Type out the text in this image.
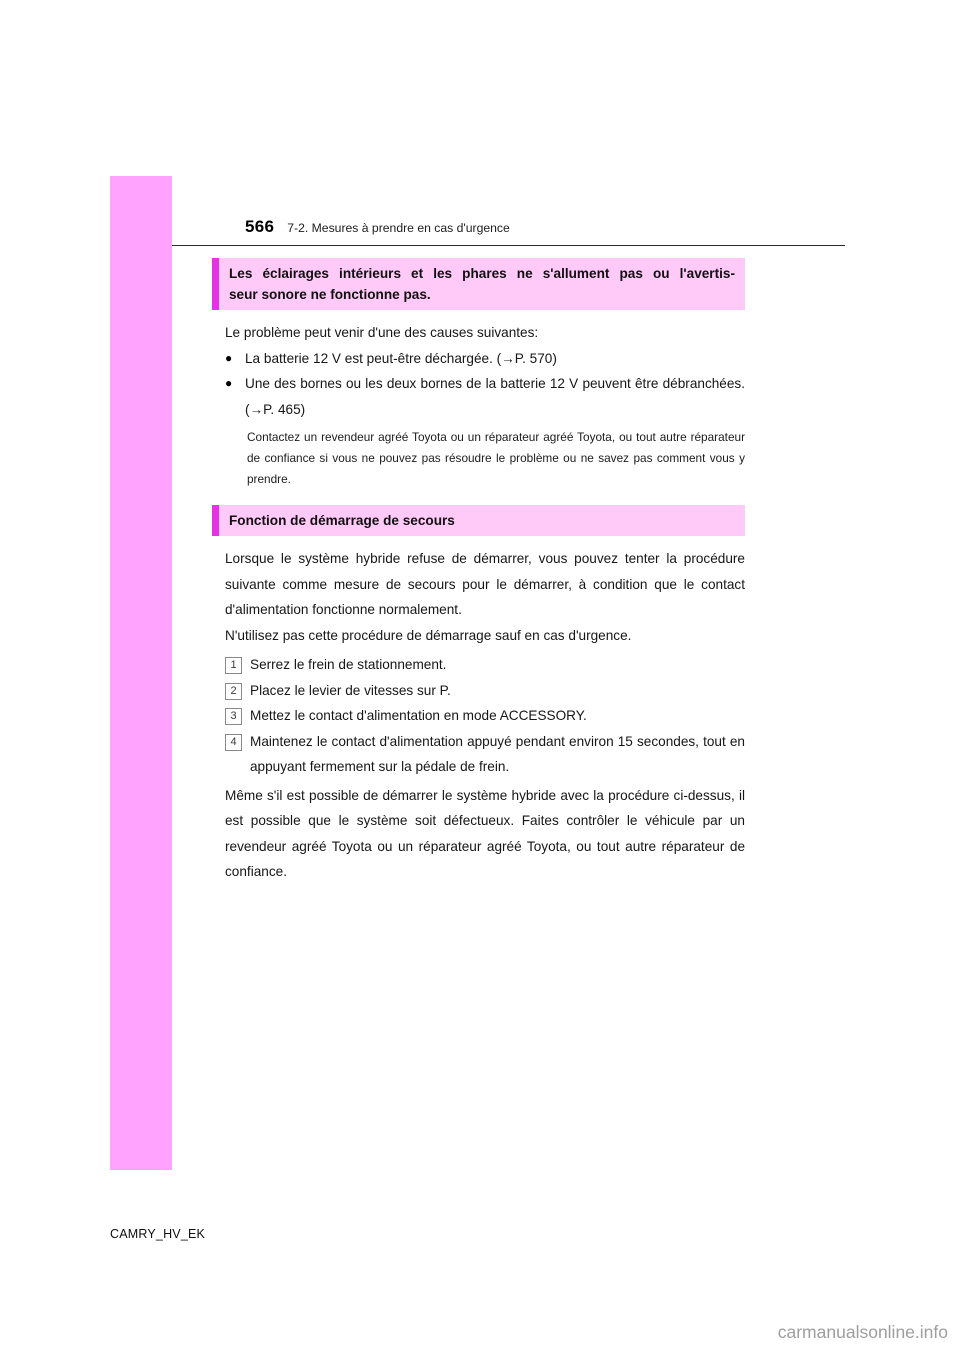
566 7-2. Mesures à prendre en cas d'urgence
Les éclairages intérieurs et les phares ne s'allument pas ou l'avertis-
seur sonore ne fonctionne pas.

Le problème peut venir d'une des causes suivantes:

● La batterie 12 V est peut-être déchargée. (→P. 570)
● Une des bornes ou les deux bornes de la batterie 12 V peuvent être débranchées. (→P. 465)

Contactez un revendeur agréé Toyota ou un réparateur agréé Toyota, ou tout autre réparateur de confiance si vous ne pouvez pas résoudre le problème ou ne savez pas comment vous y prendre.

Fonction de démarrage de secours

Lorsque le système hybride refuse de démarrer, vous pouvez tenter la procédure suivante comme mesure de secours pour le démarrer, à condition que le contact d'alimentation fonctionne normalement.

N'utilisez pas cette procédure de démarrage sauf en cas d'urgence.

1 Serrez le frein de stationnement.
2 Placez le levier de vitesses sur P.
3 Mettez le contact d'alimentation en mode ACCESSORY.
4 Maintenez le contact d'alimentation appuyé pendant environ 15 secondes, tout en appuyant fermement sur la pédale de frein.

Même s'il est possible de démarrer le système hybride avec la procédure ci-dessus, il est possible que le système soit défectueux. Faites contrôler le véhicule par un revendeur agréé Toyota ou un réparateur agréé Toyota, ou tout autre réparateur de confiance.

CAMRY_HV_EK
carmanualsonline.info
